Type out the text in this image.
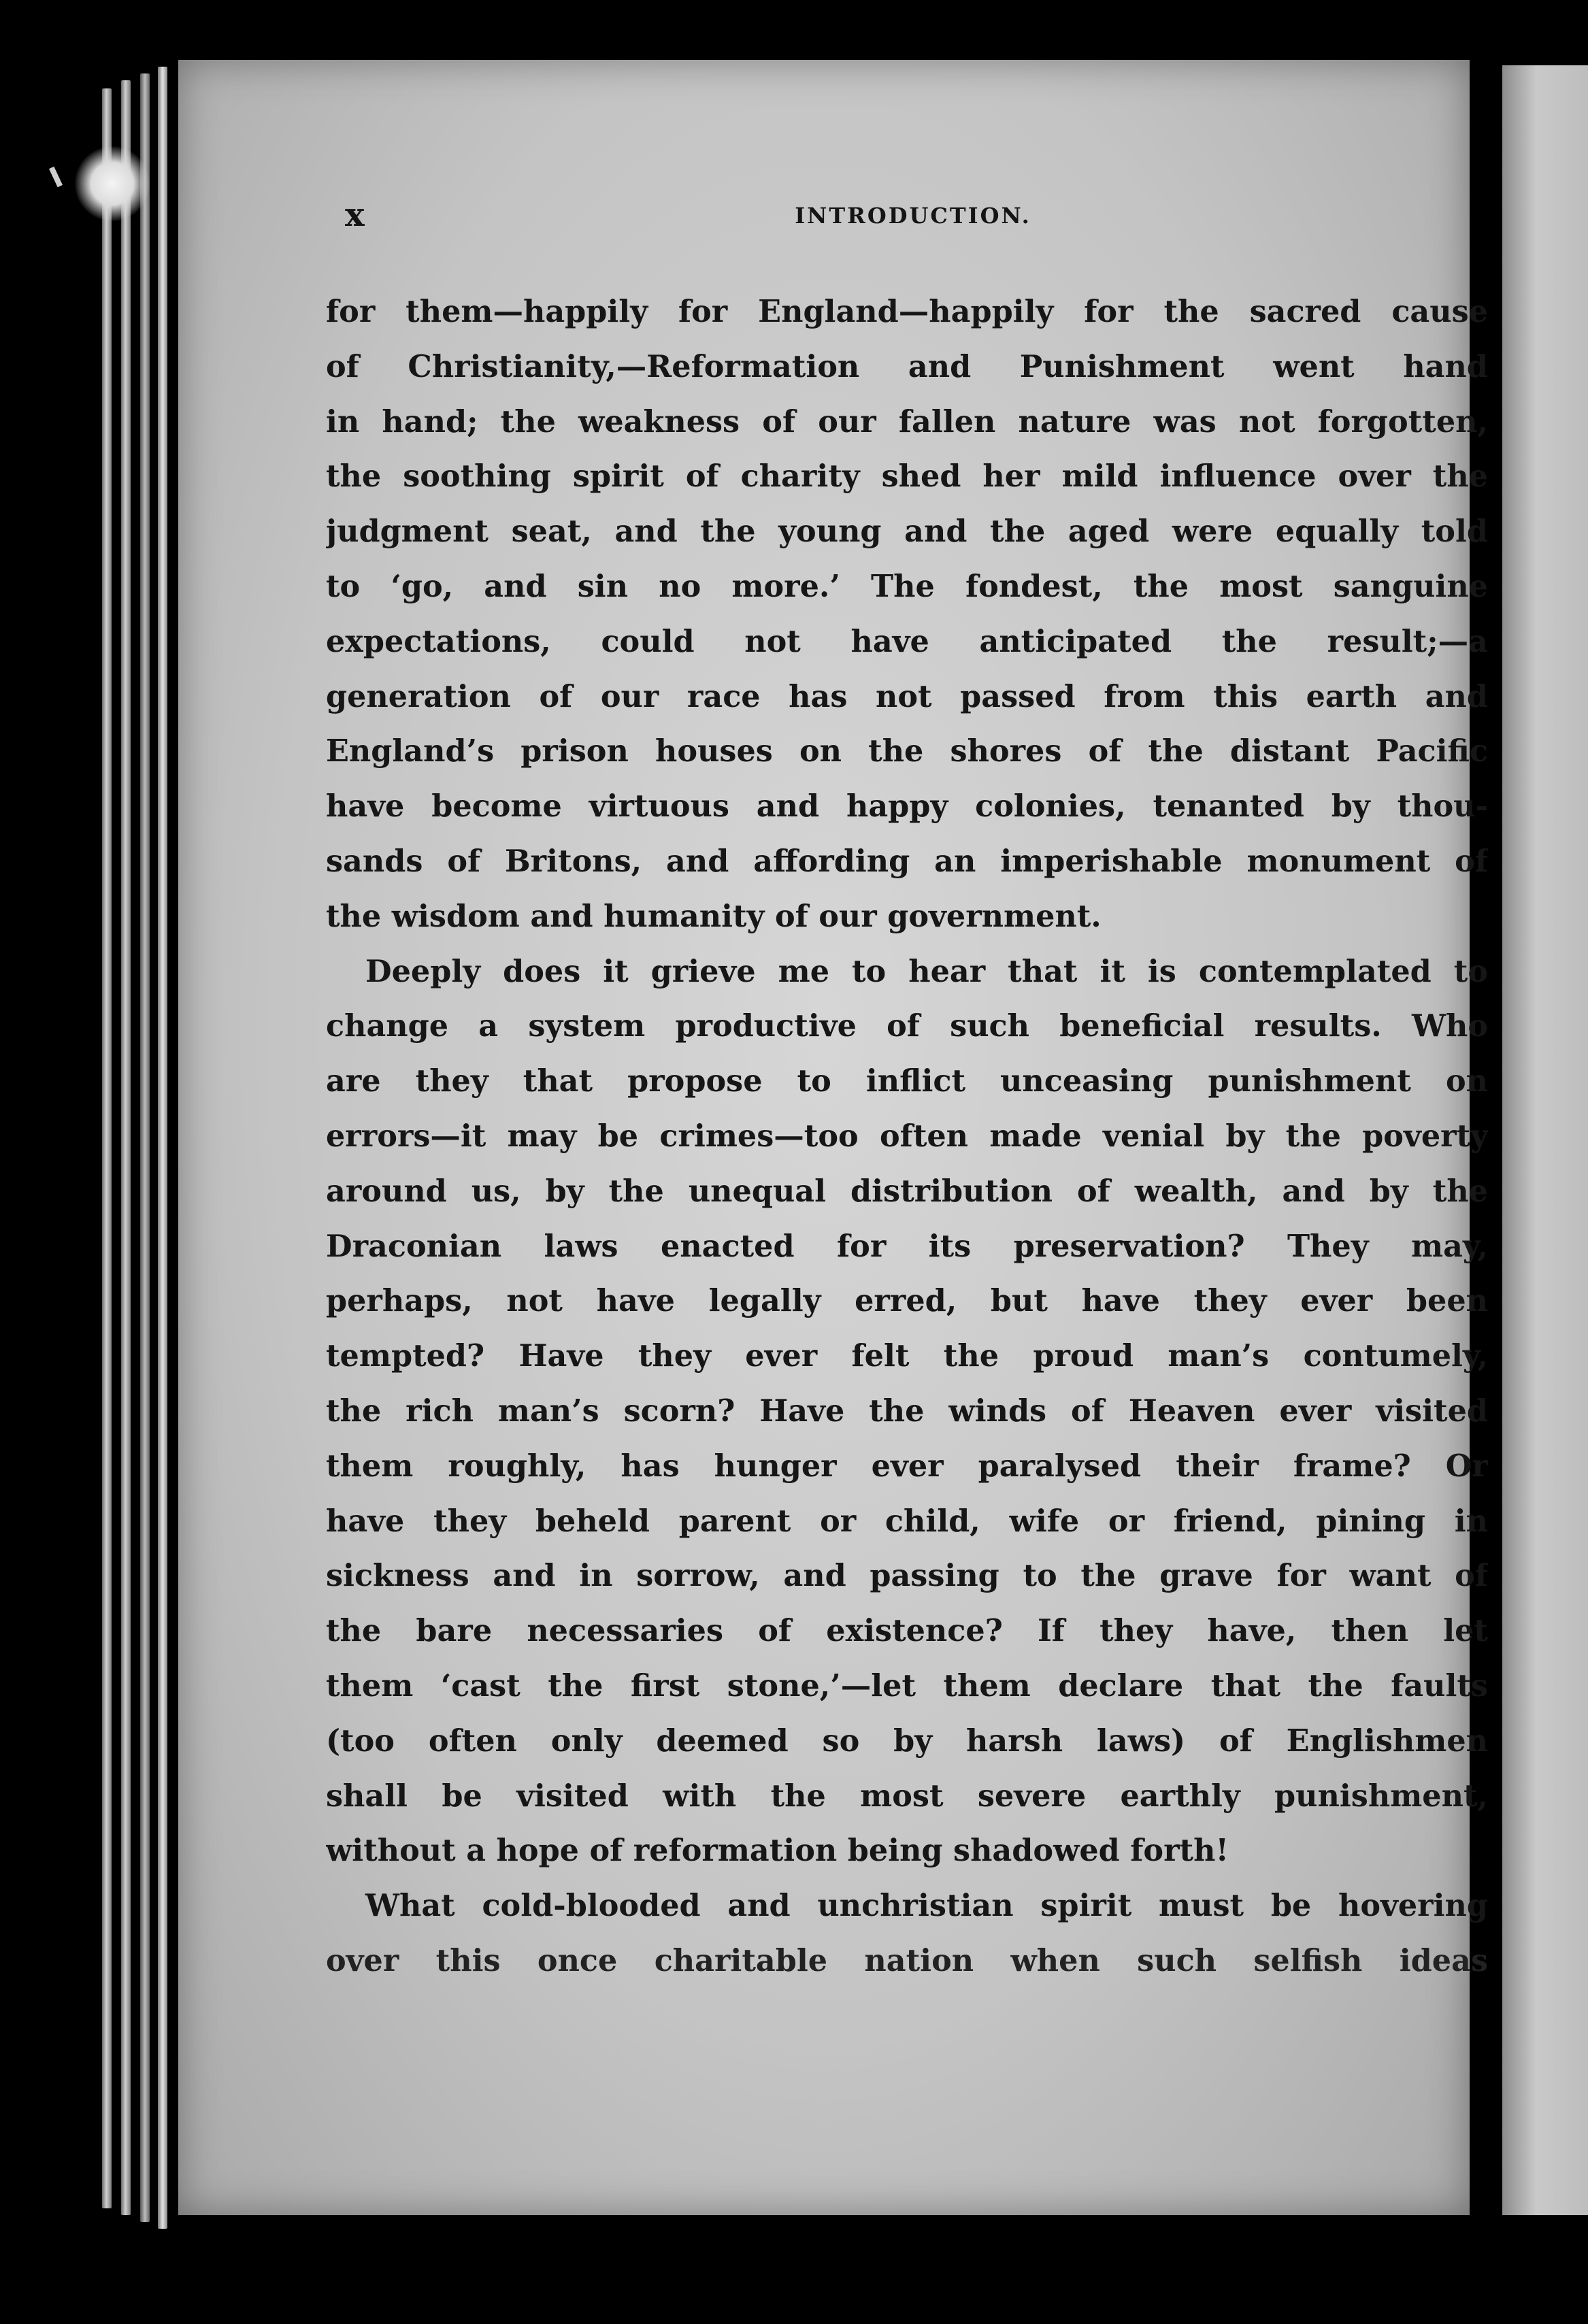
x	INTRODUCTION.
for them—happily for England—happily for the sacred cause
of Christianity,—Reformation and Punishment went hand
in hand; the weakness of our fallen nature was not forgotten,
the soothing spirit of charity shed her mild influence over the
judgment seat, and the young and the aged were equally told
to ‘go, and sin no more.’ The fondest, the most sanguine
expectations, could not have anticipated the result;—a
generation of our race has not passed from this earth and
England’s prison houses on the shores of the distant Pacific
have become virtuous and happy colonies, tenanted by thou-
sands of Britons, and affording an imperishable monument of
the wisdom and humanity of our government.
Deeply does it grieve me to hear that it is contemplated to
change a system productive of such beneficial results. Who
are they that propose to inflict unceasing punishment on
errors—it may be crimes—too often made venial by the poverty
around us, by the unequal distribution of wealth, and by the
Draconian laws enacted for its preservation? They may,
perhaps, not have legally erred, but have they ever been
tempted? Have they ever felt the proud man’s contumely,
the rich man’s scorn? Have the winds of Heaven ever visited
them roughly, has hunger ever paralysed their frame? Or
have they beheld parent or child, wife or friend, pining in
sickness and in sorrow, and passing to the grave for want of
the bare necessaries of existence? If they have, then let
them ‘cast the first stone,’—let them declare that the faults
(too often only deemed so by harsh laws) of Englishmen
shall be visited with the most severe earthly punishment,
without a hope of reformation being shadowed forth!
What cold-blooded and unchristian spirit must be hovering
over this once charitable nation when such selfish ideas
